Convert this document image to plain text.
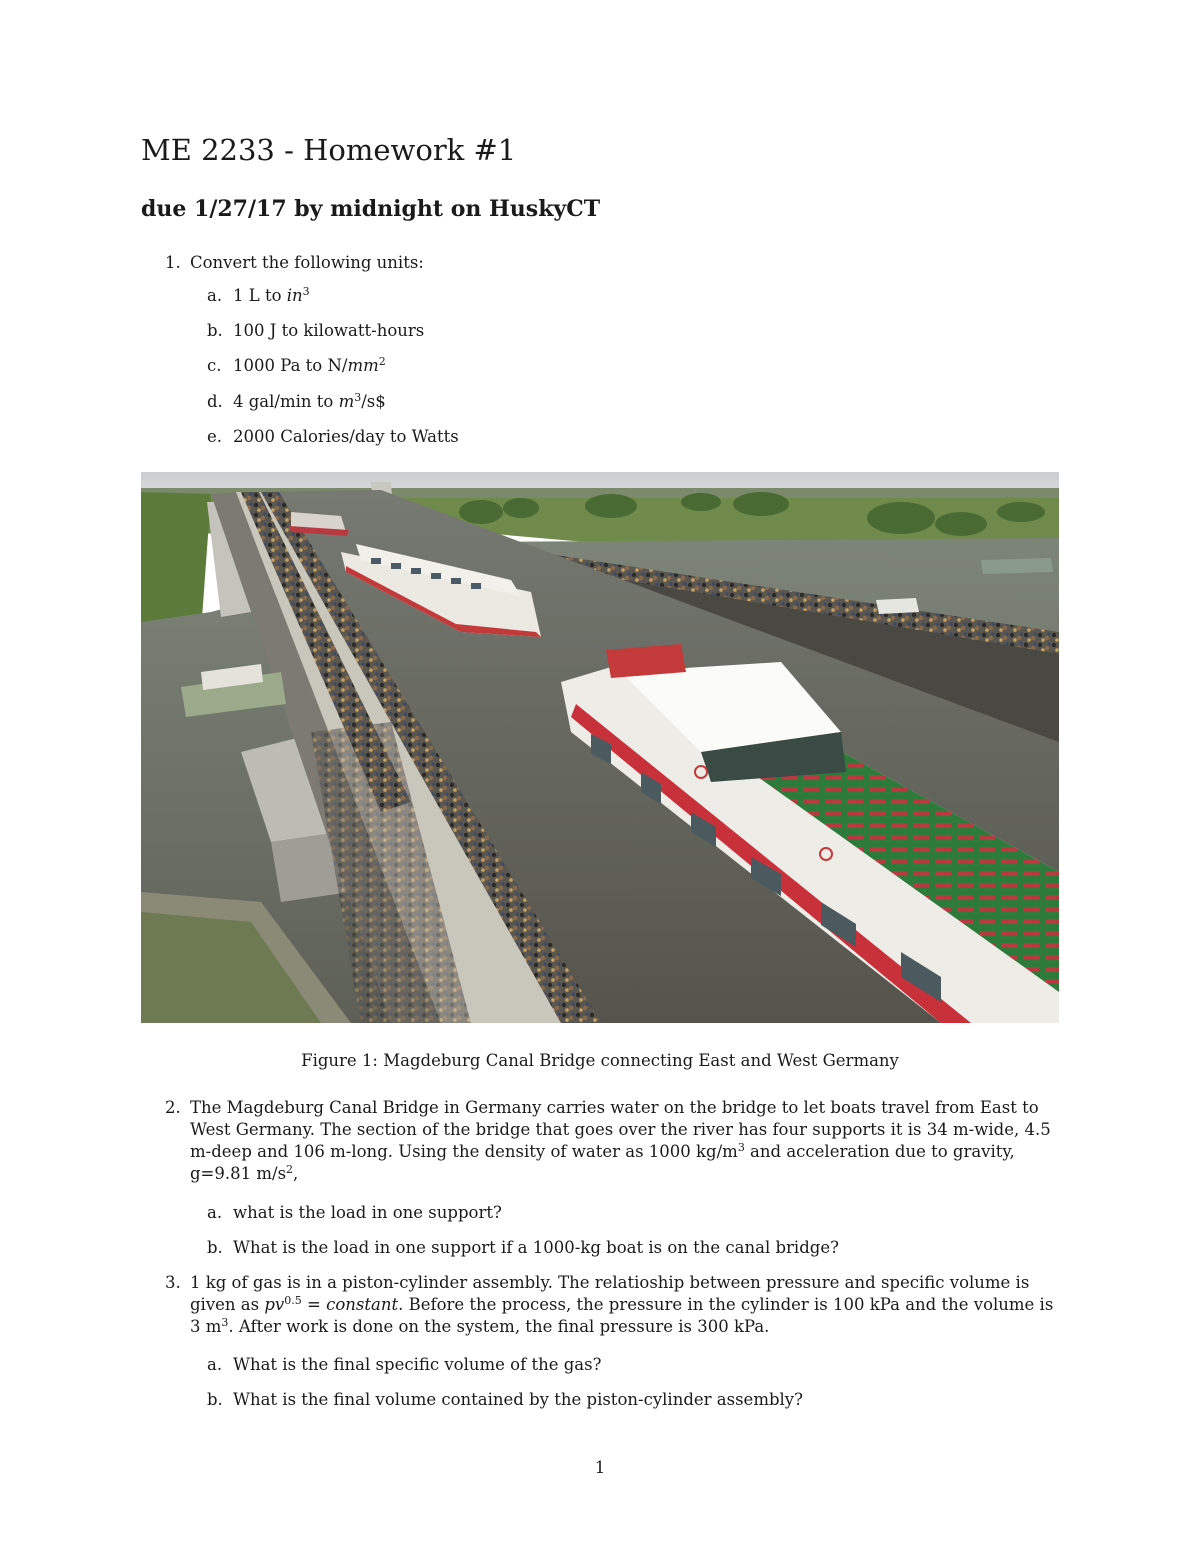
ME 2233 - Homework #1
due 1/27/17 by midnight on HuskyCT
1. Convert the following units:
a. 1 L to $in^3$
b. 100 J to kilowatt-hours
c. 1000 Pa to $N/mm^2$
d. 4 gal/min to $m^3/s\$$
e. 2000 Calories/day to Watts
Figure 1: Magdeburg Canal Bridge connecting East and West Germany
2. The Magdeburg Canal Bridge in Germany carries water on the bridge to let boats travel from East to
West Germany. The section of the bridge that goes over the river has four supports it is 34 m-wide, 4.5
m-deep and 106 m-long. Using the density of water as 1000 $kg/m^3$ and acceleration due to gravity,
g=9.81 $m/s^2$,
a. what is the load in one support?
b. What is the load in one support if a 1000-kg boat is on the canal bridge?
3. 1 kg of gas is in a piston-cylinder assembly. The relatioship between pressure and specific volume is
given as $pv^{0.5}$ = constant. Before the process, the pressure in the cylinder is 100 kPa and the volume is
3 $m^3$. After work is done on the system, the final pressure is 300 kPa.
a. What is the final specific volume of the gas?
b. What is the final volume contained by the piston-cylinder assembly?
1
